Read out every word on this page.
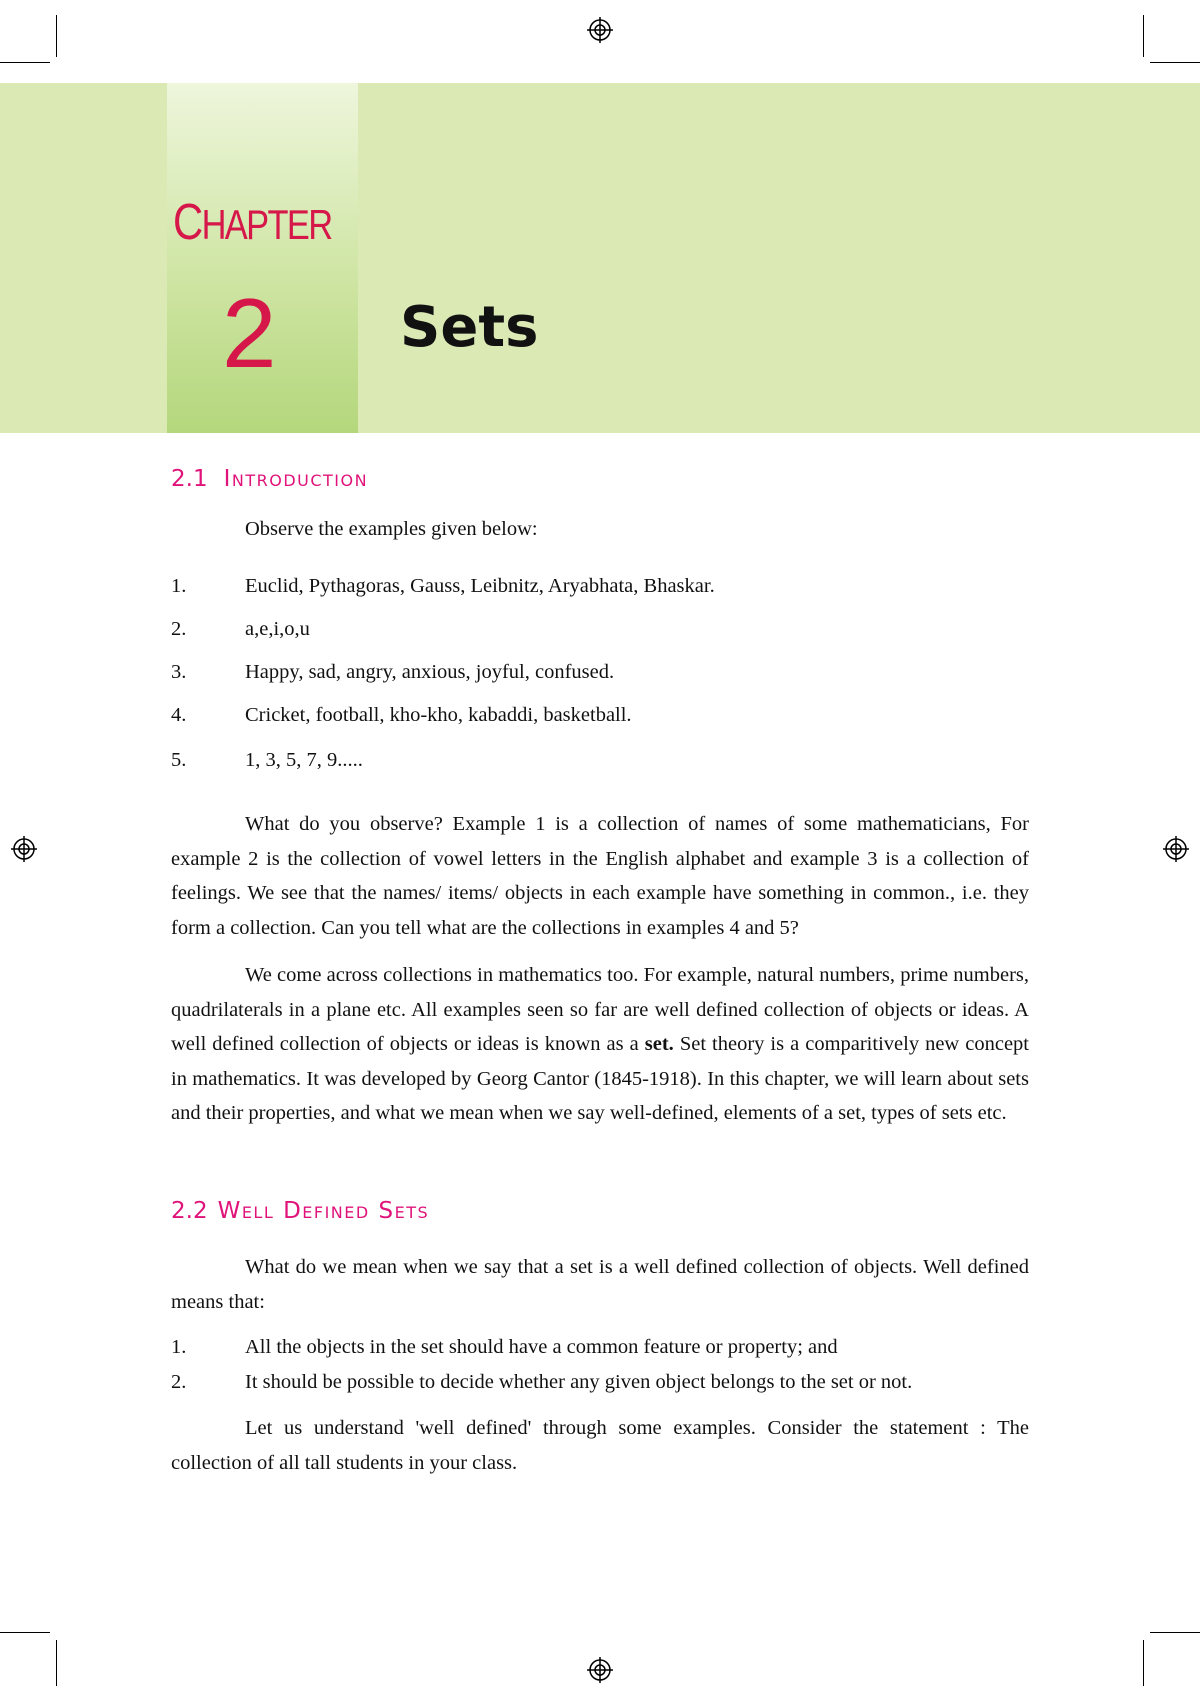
CHAPTER
2 Sets
2.1 Introduction
Observe the examples given below:
1.	Euclid, Pythagoras, Gauss, Leibnitz, Aryabhata, Bhaskar.
2.	a,e,i,o,u
3.	Happy, sad, angry, anxious, joyful, confused.
4.	Cricket, football, kho-kho, kabaddi, basketball.
5.	1, 3, 5, 7, 9.....

What do you observe? Example 1 is a collection of names of some mathematicians, For example 2 is the collection of vowel letters in the English alphabet and example 3 is a collection of feelings. We see that the names/ items/ objects in each example have something in common., i.e. they form a collection. Can you tell what are the collections in examples 4 and 5?

We come across collections in mathematics too. For example, natural numbers, prime numbers, quadrilaterals in a plane etc. All examples seen so far are well defined collection of objects or ideas. A well defined collection of objects or ideas is known as a set. Set theory is a comparitively new concept in mathematics. It was developed by Georg Cantor (1845-1918). In this chapter, we will learn about sets and their properties, and what we mean when we say well-defined, elements of a set, types of sets etc.

2.2 Well Defined Sets

What do we mean when we say that a set is a well defined collection of objects. Well defined means that:

1.	All the objects in the set should have a common feature or property; and
2.	It should be possible to decide whether any given object belongs to the set or not.

Let us understand 'well defined' through some examples. Consider the statement : The collection of all tall students in your class.
